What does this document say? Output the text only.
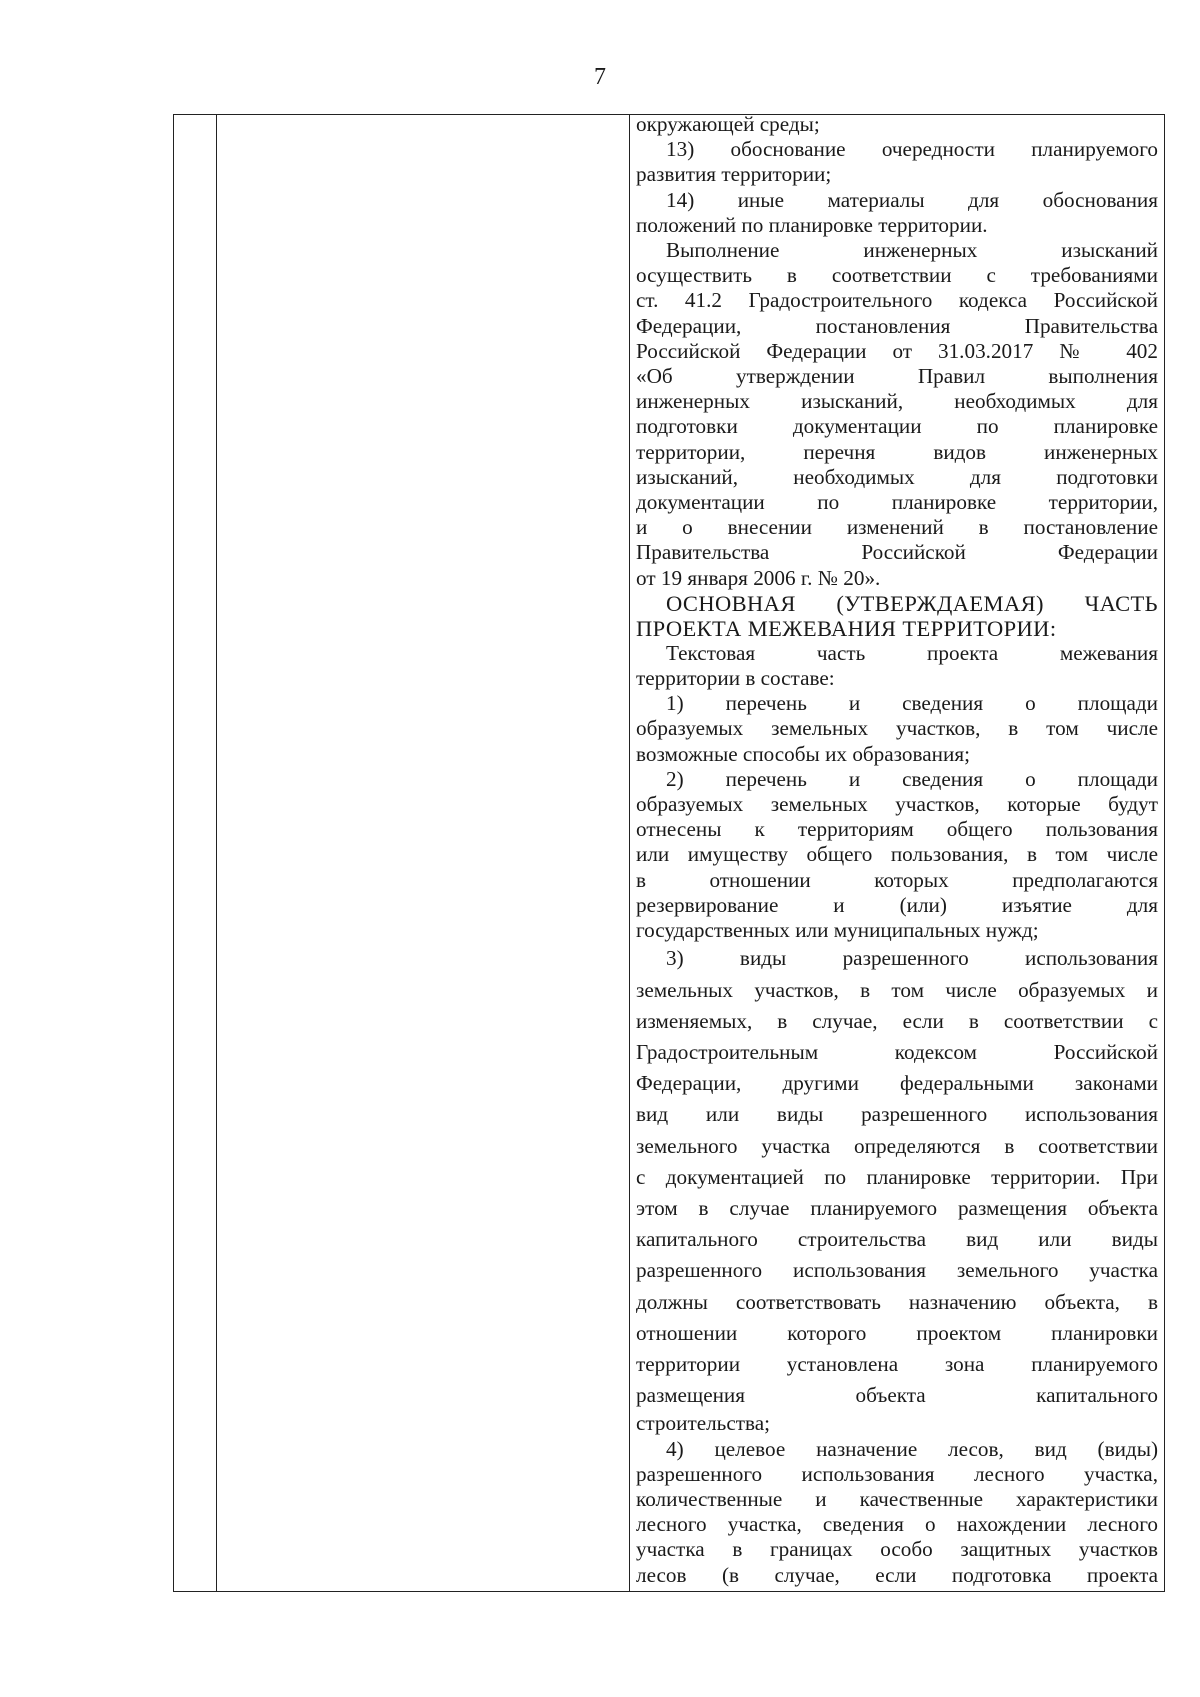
7

окружающей среды;

13) обоснование очередности планируемого

развития территории;

14) иные материалы для обоснования

положений по планировке территории.

Выполнение инженерных изысканий

осуществить в соответствии с требованиями

ст. 41.2 Градостроительного кодекса Российской

Федерации, постановления Правительства

Российской Федерации от 31.03.2017 № 402

«Об утверждении Правил выполнения

инженерных изысканий, необходимых для

подготовки документации по планировке

территории, перечня видов инженерных

изысканий, необходимых для подготовки

документации по планировке территории,

и о внесении изменений в постановление

Правительства Российской Федерации

от 19 января 2006 г. № 20».

ОСНОВНАЯ (УТВЕРЖДАЕМАЯ) ЧАСТЬ

ПРОЕКТА МЕЖЕВАНИЯ ТЕРРИТОРИИ:

Текстовая часть проекта межевания

территории в составе:

1) перечень и сведения о площади

образуемых земельных участков, в том числе

возможные способы их образования;

2) перечень и сведения о площади

образуемых земельных участков, которые будут

отнесены к территориям общего пользования

или имуществу общего пользования, в том числе

в отношении которых предполагаются

резервирование и (или) изъятие для

государственных или муниципальных нужд;

3) виды разрешенного использования

земельных участков, в том числе образуемых и

изменяемых, в случае, если в соответствии с

Градостроительным кодексом Российской

Федерации, другими федеральными законами

вид или виды разрешенного использования

земельного участка определяются в соответствии

с документацией по планировке территории. При

этом в случае планируемого размещения объекта

капитального строительства вид или виды

разрешенного использования земельного участка

должны соответствовать назначению объекта, в

отношении которого проектом планировки

территории установлена зона планируемого

размещения объекта капитального

строительства;

4) целевое назначение лесов, вид (виды)

разрешенного использования лесного участка,

количественные и качественные характеристики

лесного участка, сведения о нахождении лесного

участка в границах особо защитных участков

лесов (в случае, если подготовка проекта
